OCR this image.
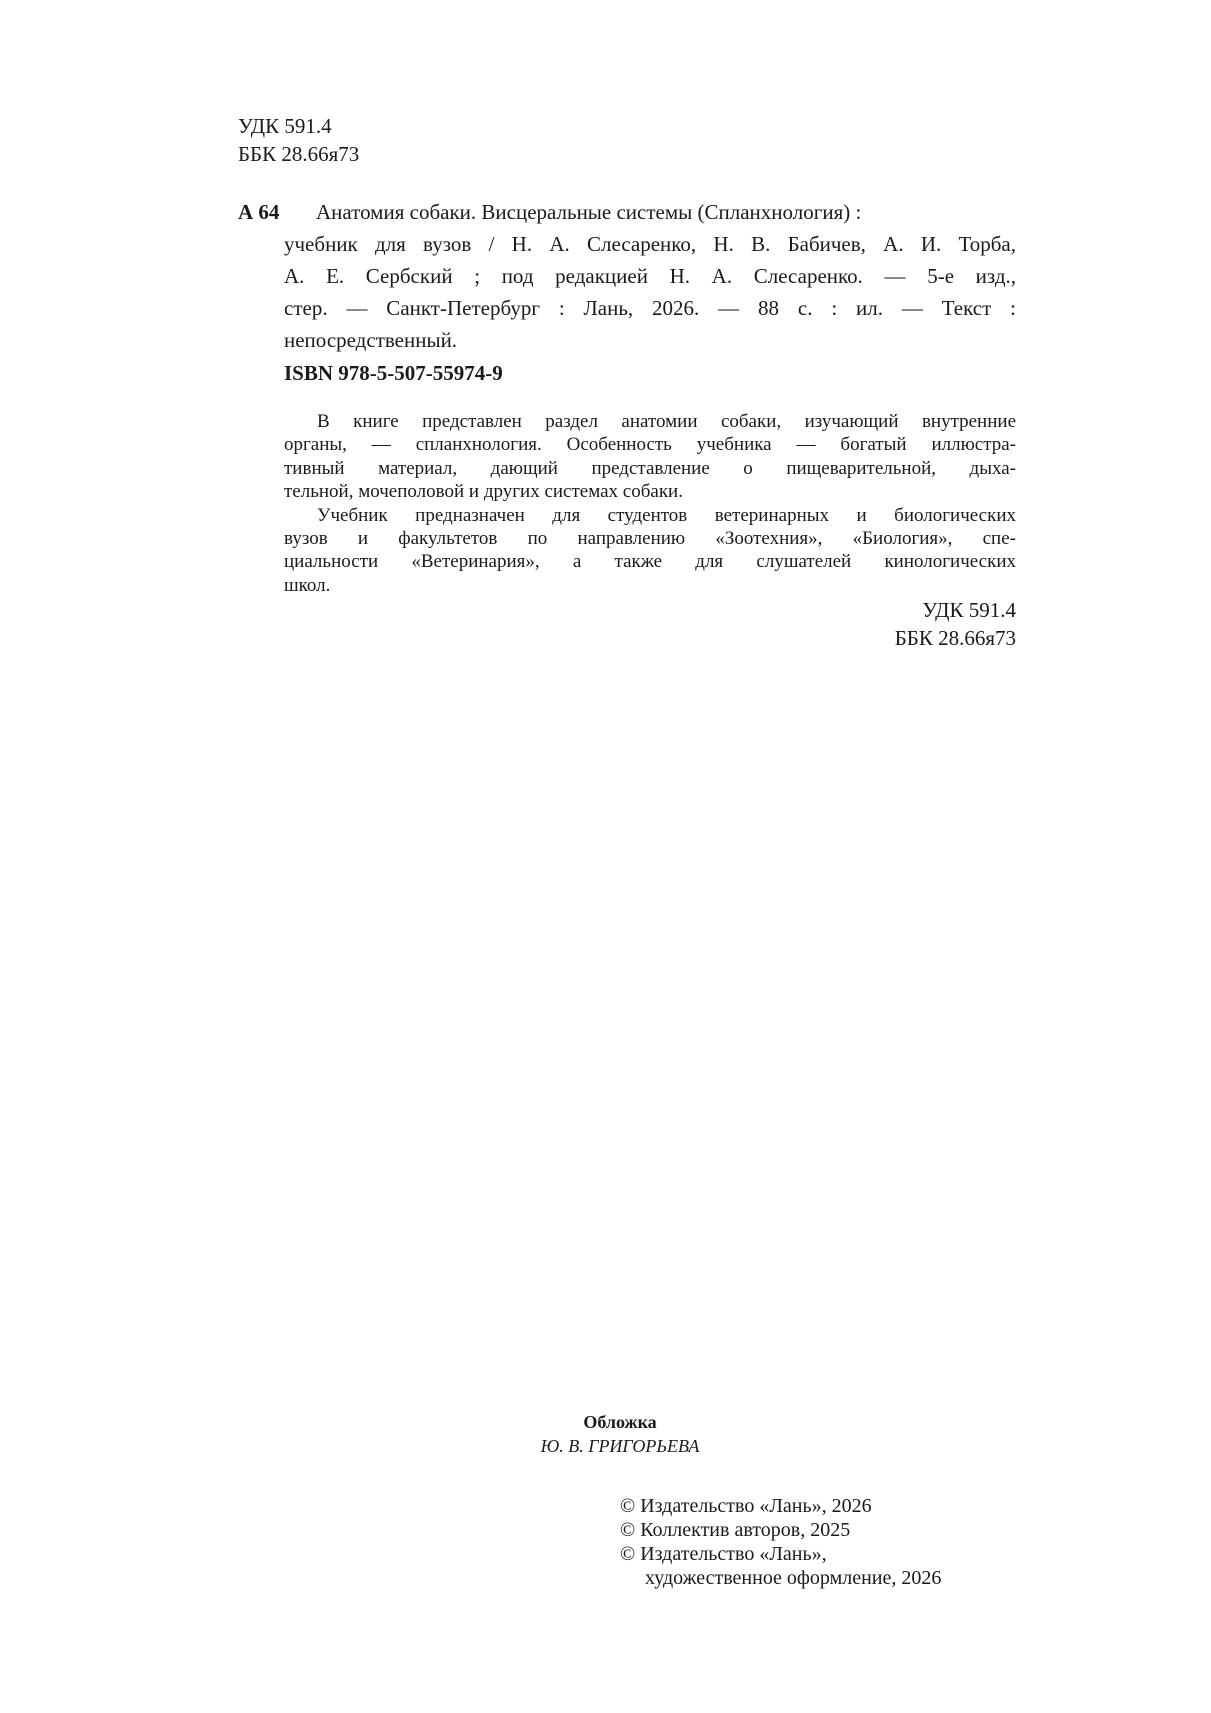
УДК 591.4
ББК 28.66я73
А 64 Анатомия собаки. Висцеральные системы (Спланхнология) :
учебник для вузов / Н. А. Слесаренко, Н. В. Бабичев, А. И. Торба,
А. Е. Сербский ; под редакцией Н. А. Слесаренко. — 5-е изд.,
стер. — Санкт-Петербург : Лань, 2026. — 88 с. : ил. — Текст :
непосредственный.
ISBN 978-5-507-55974-9
В книге представлен раздел анатомии собаки, изучающий внутренние
органы, — спланхнология. Особенность учебника — богатый иллюстра-
тивный материал, дающий представление о пищеварительной, дыха-
тельной, мочеполовой и других системах собаки.
Учебник предназначен для студентов ветеринарных и биологических
вузов и факультетов по направлению «Зоотехния», «Биология», спе-
циальности «Ветеринария», а также для слушателей кинологических
школ.
УДК 591.4
ББК 28.66я73
Обложка
Ю. В. ГРИГОРЬЕВА
© Издательство «Лань», 2026
© Коллектив авторов, 2025
© Издательство «Лань»,
художественное оформление, 2026
